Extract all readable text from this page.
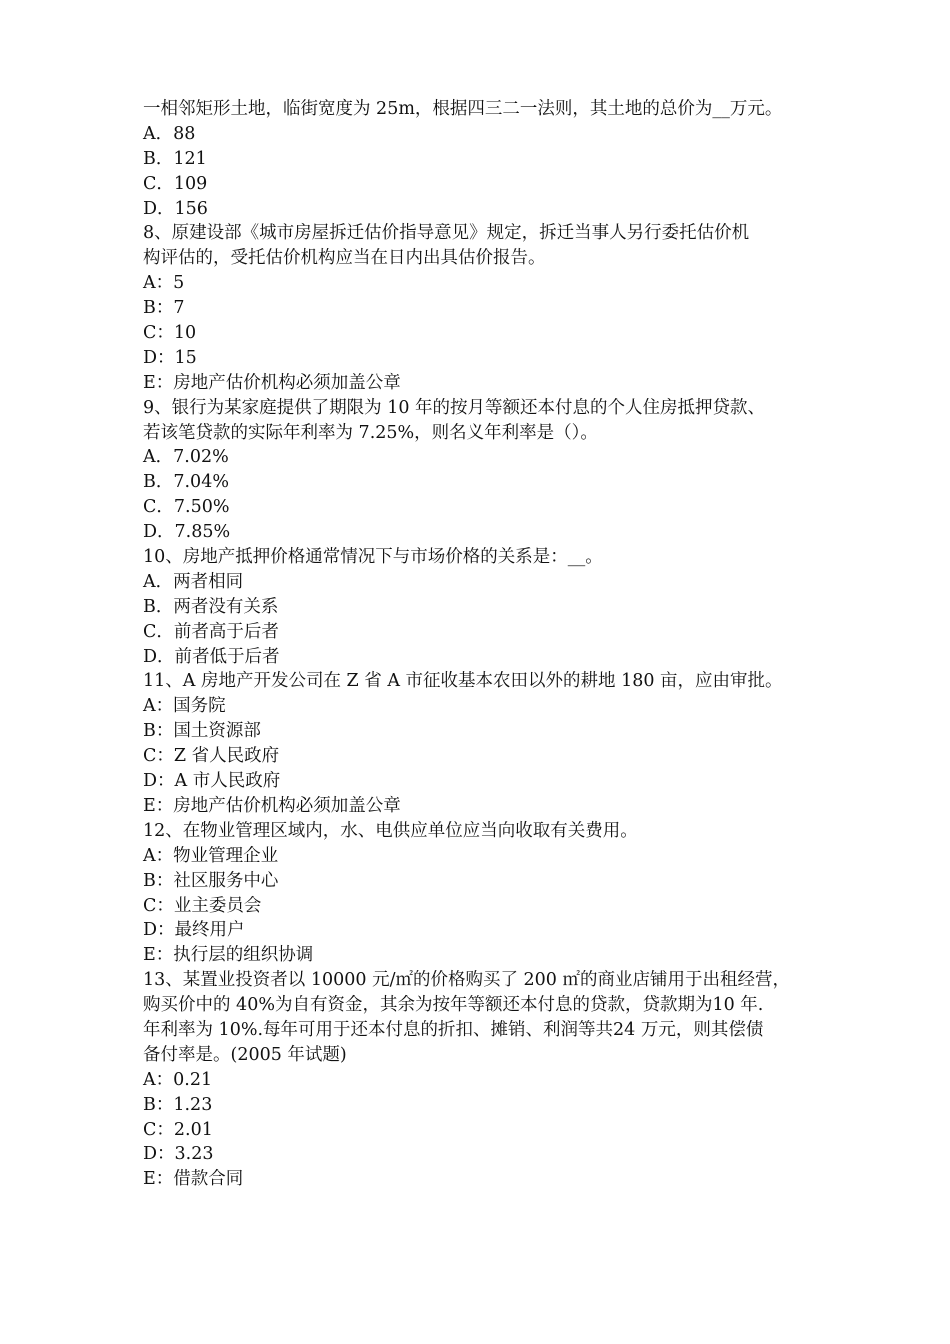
一相邻矩形土地，临街宽度为 25m，根据四三二一法则，其土地的总价为__万元。
A．88
B．121
C．109
D．156
8、原建设部《城市房屋拆迁估价指导意见》规定，拆迁当事人另行委托估价机
构评估的，受托估价机构应当在日内出具估价报告。
A：5
B：7
C：10
D：15
E：房地产估价机构必须加盖公章
9、银行为某家庭提供了期限为 10 年的按月等额还本付息的个人住房抵押贷款、
若该笔贷款的实际年利率为 7.25%，则名义年利率是（）。
A．7.02%
B．7.04%
C．7.50%
D．7.85%
10、房地产抵押价格通常情况下与市场价格的关系是：__。
A．两者相同
B．两者没有关系
C．前者高于后者
D．前者低于后者
11、A 房地产开发公司在 Z 省 A 市征收基本农田以外的耕地 180 亩，应由审批。
A：国务院
B：国土资源部
C：Z 省人民政府
D：A 市人民政府
E：房地产估价机构必须加盖公章
12、在物业管理区域内，水、电供应单位应当向收取有关费用。
A：物业管理企业
B：社区服务中心
C：业主委员会
D：最终用户
E：执行层的组织协调
13、某置业投资者以 10000 元/㎡的价格购买了 200 ㎡的商业店铺用于出租经营，
购买价中的 40%为自有资金，其余为按年等额还本付息的贷款，贷款期为10 年.
年利率为 10%.每年可用于还本付息的折扣、摊销、利润等共24 万元，则其偿债
备付率是。(2005 年试题)
A：0.21
B：1.23
C：2.01
D：3.23
E：借款合同
